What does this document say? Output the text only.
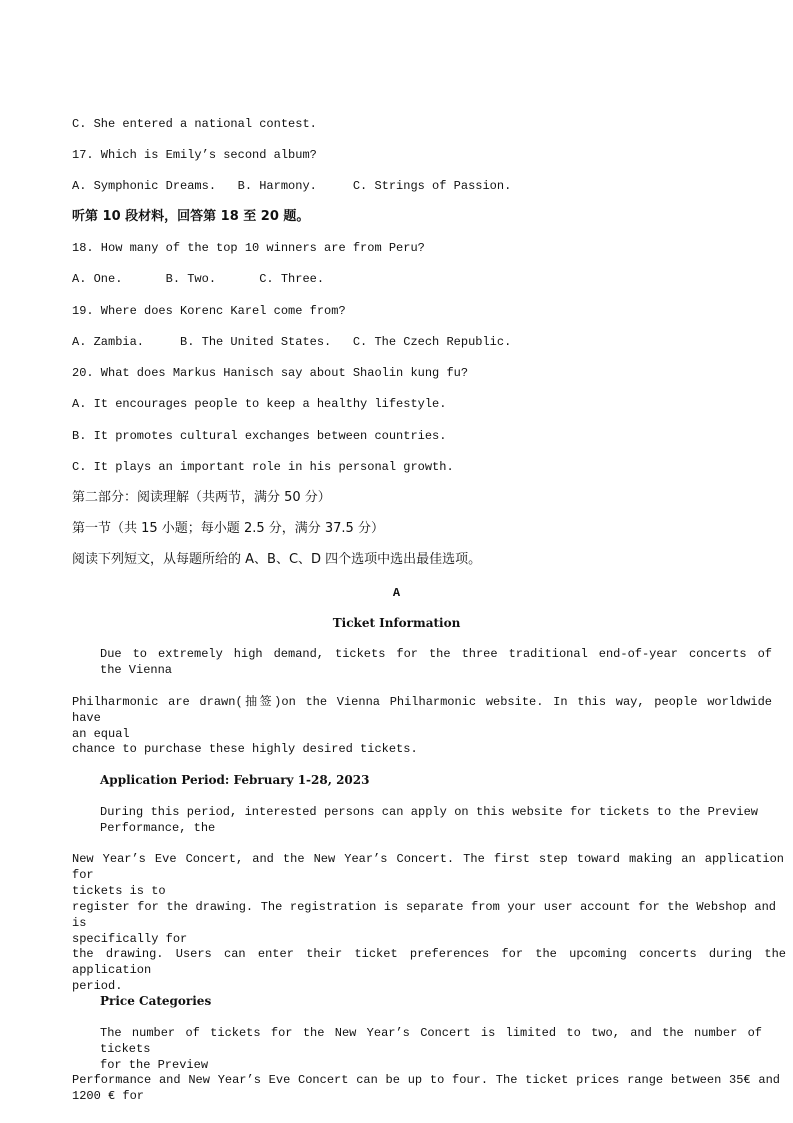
C. She entered a national contest.
17. Which is Emily’s second album?
A. Symphonic Dreams.   B. Harmony.     C. Strings of Passion.
听第 10 段材料，回答第 18 至 20 题。
18. How many of the top 10 winners are from Peru?
A. One.      B. Two.      C. Three.
19. Where does Korenc Karel come from?
A. Zambia.     B. The United States.   C. The Czech Republic.
20. What does Markus Hanisch say about Shaolin kung fu?
A. It encourages people to keep a healthy lifestyle.
B. It promotes cultural exchanges between countries.
C. It plays an important role in his personal growth.
第二部分：阅读理解（共两节，满分 50 分）
第一节（共 15 小题；每小题 2.5 分，满分 37.5 分）
阅读下列短文，从每题所给的 A、B、C、D 四个选项中选出最佳选项。
A
Ticket Information
Due to extremely high demand, tickets for the three traditional end-of-year concerts of
the Vienna
Philharmonic are drawn(抽签)on the Vienna Philharmonic website. In this way, people worldwide have
an equal
chance to purchase these highly desired tickets.
Application Period: February 1-28, 2023
During this period, interested persons can apply on this website for tickets to the Preview
Performance, the
New Year’s Eve Concert, and the New Year’s Concert. The first step toward making an application for
tickets is to
register for the drawing. The registration is separate from your user account for the Webshop and is
specifically for
the drawing. Users can enter their ticket preferences for the upcoming concerts during the application
period.
Price Categories
The number of tickets for the New Year’s Concert is limited to two, and the number of tickets
for the Preview
Performance and New Year’s Eve Concert can be up to four. The ticket prices range between 35€ and
1200 € for
